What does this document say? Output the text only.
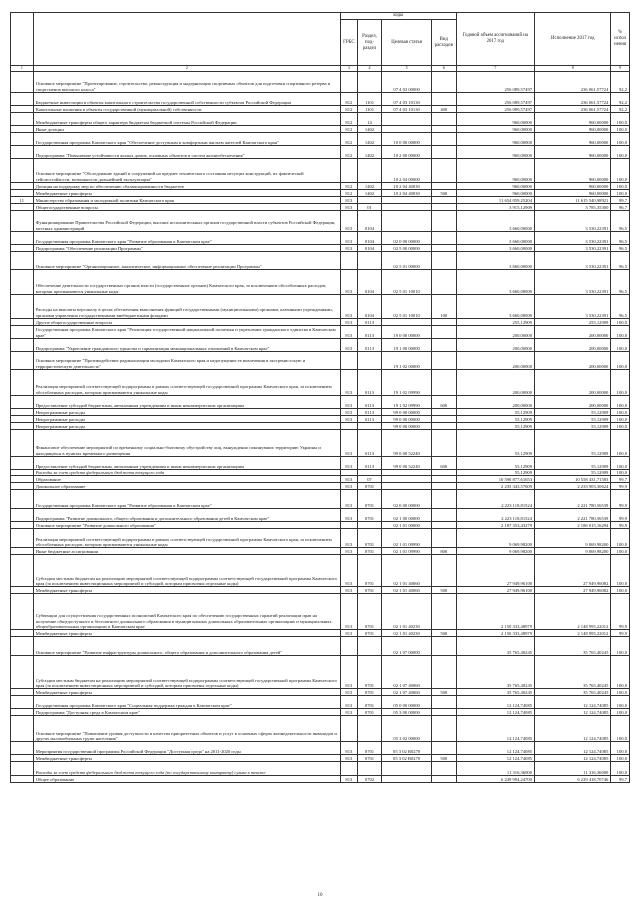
		коды				Годовой объем ассигнований на 2017 год	Исполнение 2017 год	% испол нения
		ГРБС	Раздел, под-раздел	Целевая статья	Вид расходов			
1	2	3	4	5	6	7	8	9
	Основное мероприятие "Проектирование, строительство, реконструкция и модернизация спортивных объектов для подготовки спортивного резерва и спортсменов высокого класса"			07 4 03 00000		256 089,57497	236 061,57724	92,2
	Бюджетные инвестиции в объекты капитального строительства государственной собственности субъектов Российской Федерации	812	1101	07 4 03 10130		256 089,57497	236 061,57724	92,2
	Капитальные вложения в объекты государственной (муниципальной) собственности	812	1101	07 4 03 10130	400	256 089,57497	236 061,57724	92,2
	Межбюджетные трансферты общего характера бюджетам бюджетной системы Российской Федерации	812	14			960,00000	960,00000	100,0
	Иные дотации	812	1402			960,00000	960,00000	100,0
	Государственная программа Камчатского края "Обеспечение доступным и комфортным жильем жителей Камчатского края"	812	1402	10 0 00 00000		960,00000	960,00000	100,0
	Подпрограмма "Повышение устойчивости жилых домов, основных объектов и систем жизнеобеспечения"	812	1402	10 2 00 00000		960,00000	960,00000	100,0
	Основное мероприятие "Обследование зданий и сооружений на предмет технического состояния несущих конструкций, их фактической сейсмостойкости, возможности дальнейшей эксплуатации"			10 2 04 00000		960,00000	960,00000	100,0
	Дотация на поддержку мер по обеспечению сбалансированности бюджетов	812	1402	10 2 04 40030		960,00000	960,00000	100,0
	Межбюджетные трансферты	812	1402	10 2 04 40030	500	960,00000	960,00000	100,0
11	Министерство образования и молодежной политики Камчатского края	813				11 654 059,25204	11 615 540,98921	99,7
	Общегосударственные вопросы	813	01			3 915,12909	3 785,35300	96,7
	Функционирование Правительства Российской Федерации, высших исполнительных органов государственной власти субъектов Российской Федерации, местных администраций	813	0104			3 660,00000	3 530,22391	96,5
	Государственная программа Камчатского края "Развитие образования в Камчатском крае"	813	0104	02 0 00 00000		3 660,00000	3 530,22391	96,5
	Подпрограмма "Обеспечение реализации Программы"	813	0104	02 5 00 00000		3 660,00000	3 530,22391	96,5
	Основное мероприятие "Организационное, аналитическое, информационное обеспечение реализации Программы"			02 5 01 00000		3 660,00000	3 530,22391	96,5
	Обеспечение деятельности государственных органов власти (государственных органов) Камчатского края, за исключением обособленных расходов, которым присваиваются уникальные коды	813	0104	02 5 01 10010		3 660,00000	3 530,22391	96,5
	Расходы на выплаты персоналу в целях обеспечения выполнения функций государственными (муниципальными) органами, казенными учреждениями, органами управления государственными внебюджетными фондами	813	0104	02 5 01 10010	100	3 660,00000	3 530,22391	96,5
	Другие общегосударственные вопросы	813	0113			255,12909	255,12909	100,0
	Государственная программа Камчатского края "Реализация государственной национальной политики и укрепление гражданского единства в Камчатском крае"	813	0113	19 0 00 00000		200,00000	200,00000	100,0
	Подпрограмма "Укрепление гражданского единства и гармонизация межнациональных отношений в Камчатском крае"	813	0113	19 1 00 00000		200,00000	200,00000	100,0
	Основное мероприятие "Противодействие радикализации молодежи Камчатского края и недопущение ее вовлечения в экстремистскую и террористическую деятельность"			19 1 02 00000		200,00000	200,00000	100,0
	Реализация мероприятий соответствующей подпрограммы в рамках соответствующей государственной программы Камчатского края, за исключением обособленных расходов, которым присваиваются уникальные коды	813	0113	19 1 02 09990		200,00000	200,00000	100,0
	Предоставление субсидий бюджетным, автономным учреждениям и иным некоммерческим организациям	813	0113	19 1 02 09990	600	200,00000	200,00000	100,0
	Непрограммные расходы	813	0113	99 0 00 00000		55,12909	55,12909	100,0
	Непрограммные расходы	813	0113	99 0 00 00000		55,12909	55,12909	100,0
	Непрограммные расходы			99 0 00 00000		55,12909	55,12909	100,0
	Финансовое обеспечение мероприятий по временному социально-бытовому обустройству лиц, вынужденно покинувших территорию Украины и находящихся в пунктах временного размещения	813	0113	99 0 00 52240		55,12909	55,12909	100,0
	Предоставление субсидий бюджетным, автономным учреждениям и иным некоммерческим организациям	813	0113	99 0 00 52240	600	55,12909	55,12909	100,0
	Расходы за счет средств федерального бюджета текущего года					55,12909	55,12909	100,0
	Образование	813	07			10 590 877,61653	10 558 431,71583	99,7
	Дошкольное образование	813	0701			2 235 343,57609	2 233 903,30624	99,9
	Государственная программа Камчатского края "Развитие образования в Камчатском крае"	813	0701	02 0 00 00000		2 223 118,81524	2 221 780,56539	99,9
	Подпрограмма "Развитие дошкольного, общего образования и дополнительного образования детей в Камчатском крае"	813	0701	02 1 00 00000		2 223 118,81524	2 221 780,56539	99,9
	Основное мероприятие "Развитие дошкольного образования"			02 1 01 00000		2 187 353,43279	2 186 015,16294	99,9
	Реализация мероприятий соответствующей подпрограммы в рамках соответствующей государственной программы Камчатского края, за исключением обособленных расходов, которым присваиваются уникальные коды	813	0701	02 1 01 09990		9 069,98200	9 069,98200	100,0
	Иные бюджетные ассигнования	813	0701	02 1 01 09990	800	9 069,98200	9 069,98200	100,0
	Субсидии местным бюджетам на реализацию мероприятий соответствующей подпрограммы соответствующей государственной программы Камчатского края (за исключением инвестиционных мероприятий и субсидий, которым присвоены отдельные коды)	813	0701	02 1 01 40060		27 949,96100	27 949,96082	100,0
	Межбюджетные трансферты	813	0701	02 1 01 40060	500	27 949,96100	27 949,96082	100,0
	Субвенции для осуществления государственных полномочий Камчатского края по обеспечению государственных гарантий реализации прав на получение общедоступного и бесплатного дошкольного образования в муниципальных дошкольных образовательных организациях и муниципальных общеобразовательных организациях в Камчатском крае	813	0701	02 1 01 40230		2 150 333,48979	2 148 995,22012	99,9
	Межбюджетные трансферты	813	0701	02 1 01 40230	500	2 150 333,48979	2 148 995,22012	99,9
	Основное мероприятие "Развитие инфраструктуры дошкольного, общего образования и дополнительного образования детей"			02 1 07 00000		35 765,40245	35 765,40245	100,0
	Субсидии местным бюджетам на реализацию мероприятий соответствующей подпрограммы соответствующей государственной программы Камчатского края (за исключением инвестиционных мероприятий и субсидий, которым присвоены отдельные коды)	813	0701	02 1 07 40060		35 765,40245	35 765,40245	100,0
	Межбюджетные трансферты	813	0701	02 1 07 40060	500	35 765,40245	35 765,40245	100,0
	Государственная программа Камчатского края "Социальная поддержка граждан в Камчатском крае"	813	0701	05 0 00 00000		12 124,74085	12 124,74085	100,0
	Подпрограмма "Доступная среда в Камчатском крае"	813	0701	05 3 00 00000		12 124,74085	12 124,74085	100,0
	Основное мероприятие "Повышение уровня доступности и качества приоритетных объектов и услуг в основных сферах жизнедеятельности инвалидов и других маломобильных групп населения"			05 3 02 00000		12 124,74085	12 124,74085	100,0
	Мероприятия государственной программы Российской Федерации "Доступная среда" на 2011-2020 годы	813	0701	05 3 02 R0270		12 124,74085	12 124,74085	100,0
	Межбюджетные трансферты	813	0701	05 3 02 R0270	500	12 124,74085	12 124,74085	100,0
	Расходы за счет средств федерального бюджета текущего года (по государственному контракту) сумма в тексте					11 316,36000	11 316,36000	100,0
	Общее образование	813	0702			6 249 994,24700	6 229 418,70746	99,7
10
